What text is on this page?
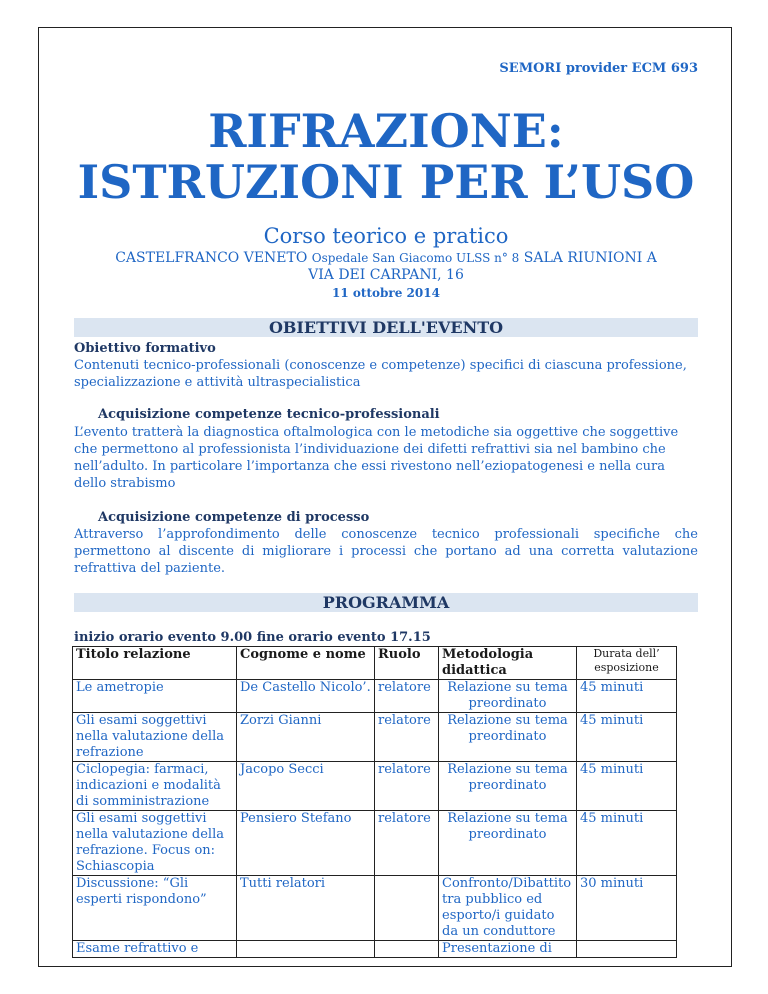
SEMORI provider ECM 693
RIFRAZIONE:
ISTRUZIONI PER L’USO
Corso teorico e pratico
CASTELFRANCO VENETO Ospedale San Giacomo ULSS n° 8 SALA RIUNIONI A
VIA DEI CARPANI, 16
11 ottobre 2014
OBIETTIVI DELL'EVENTO
Obiettivo formativo
Contenuti tecnico-professionali (conoscenze e competenze) specifici di ciascuna professione, specializzazione e attività ultraspecialistica
Acquisizione competenze tecnico-professionali
L’evento tratterà la diagnostica oftalmologica con le metodiche sia oggettive che soggettive che permettono al professionista l’individuazione dei difetti refrattivi sia nel bambino che nell’adulto. In particolare l’importanza che essi rivestono nell’eziopatogenesi e nella cura dello strabismo
Acquisizione competenze di processo
Attraverso l’approfondimento delle conoscenze tecnico professionali specifiche che permettono al discente di migliorare i processi che portano ad una corretta valutazione refrattiva del paziente.
PROGRAMMA
inizio orario evento 9.00 fine orario evento 17.15
Titolo relazione	Cognome e nome	Ruolo	Metodologia didattica	Durata dell’ esposizione
Le ametropie	De Castello Nicolo’.	relatore	Relazione su tema preordinato	45 minuti
Gli esami soggettivi nella valutazione della refrazione	Zorzi Gianni	relatore	Relazione su tema preordinato	45 minuti
Ciclopegia: farmaci, indicazioni e modalità di somministrazione	Jacopo Secci	relatore	Relazione su tema preordinato	45 minuti
Gli esami soggettivi nella valutazione della refrazione. Focus on: Schiascopia	Pensiero Stefano	relatore	Relazione su tema preordinato	45 minuti
Discussione: “Gli esperti rispondono”	Tutti relatori		Confronto/Dibattito tra pubblico ed esporto/i guidato da un conduttore	30 minuti
Esame refrattivo e			Presentazione di	
